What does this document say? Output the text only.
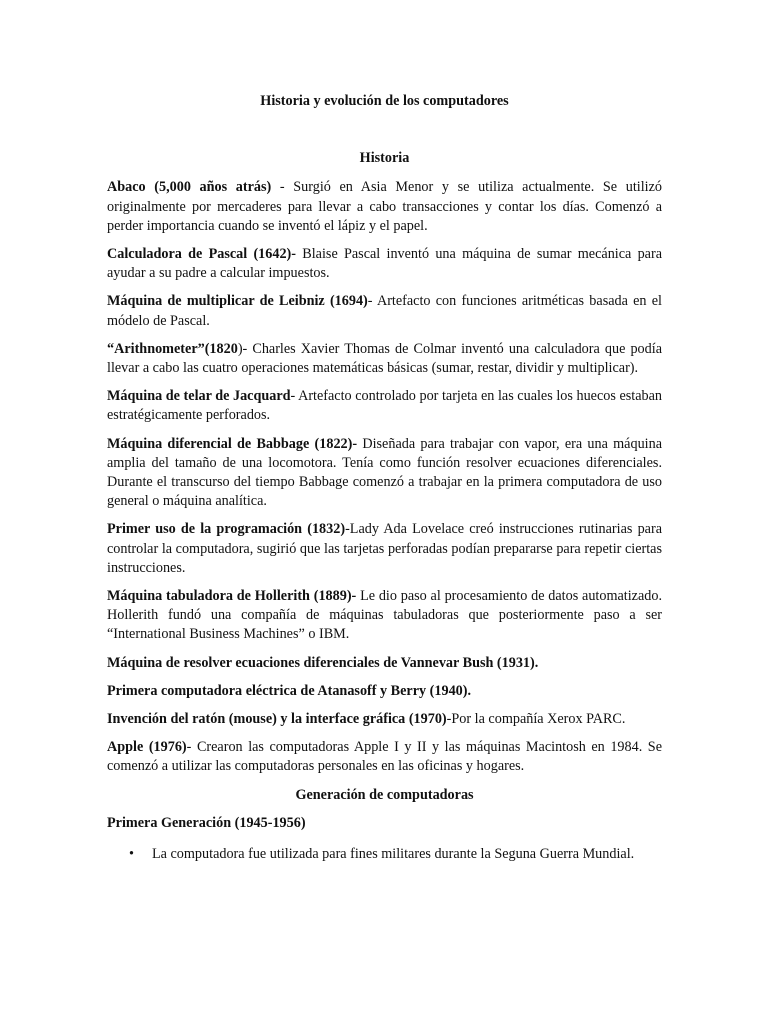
Historia y evolución de los computadores

Historia

Abaco (5,000 años atrás) - Surgió en Asia Menor y se utiliza actualmente. Se utilizó originalmente por mercaderes para llevar a cabo transacciones y contar los días. Comenzó a perder importancia cuando se inventó el lápiz y el papel.

Calculadora de Pascal (1642)- Blaise Pascal inventó una máquina de sumar mecánica para ayudar a su padre a calcular impuestos.

Máquina de multiplicar de Leibniz (1694)- Artefacto con funciones aritméticas basada en el módelo de Pascal.

“Arithnometer”(1820)- Charles Xavier Thomas de Colmar inventó una calculadora que podía llevar a cabo las cuatro operaciones matemáticas básicas (sumar, restar, dividir y multiplicar).

Máquina de telar de Jacquard- Artefacto controlado por tarjeta en las cuales los huecos estaban estratégicamente perforados.

Máquina diferencial de Babbage (1822)- Diseñada para trabajar con vapor, era una máquina amplia del tamaño de una locomotora. Tenía como función resolver ecuaciones diferenciales. Durante el transcurso del tiempo Babbage comenzó a trabajar en la primera computadora de uso general o máquina analítica.

Primer uso de la programación (1832)-Lady Ada Lovelace creó instrucciones rutinarias para controlar la computadora, sugirió que las tarjetas perforadas podían prepararse para repetir ciertas instrucciones.

Máquina tabuladora de Hollerith (1889)- Le dio paso al procesamiento de datos automatizado. Hollerith fundó una compañía de máquinas tabuladoras que posteriormente paso a ser “International Business Machines” o IBM.

Máquina de resolver ecuaciones diferenciales de Vannevar Bush (1931).

Primera computadora eléctrica de Atanasoff y Berry (1940).

Invención del ratón (mouse) y la interface gráfica (1970)-Por la compañía Xerox PARC.

Apple (1976)- Crearon las computadoras Apple I y II y las máquinas Macintosh en 1984. Se comenzó a utilizar las computadoras personales en las oficinas y hogares.

Generación de computadoras

Primera Generación (1945-1956)

• La computadora fue utilizada para fines militares durante la Seguna Guerra Mundial.
